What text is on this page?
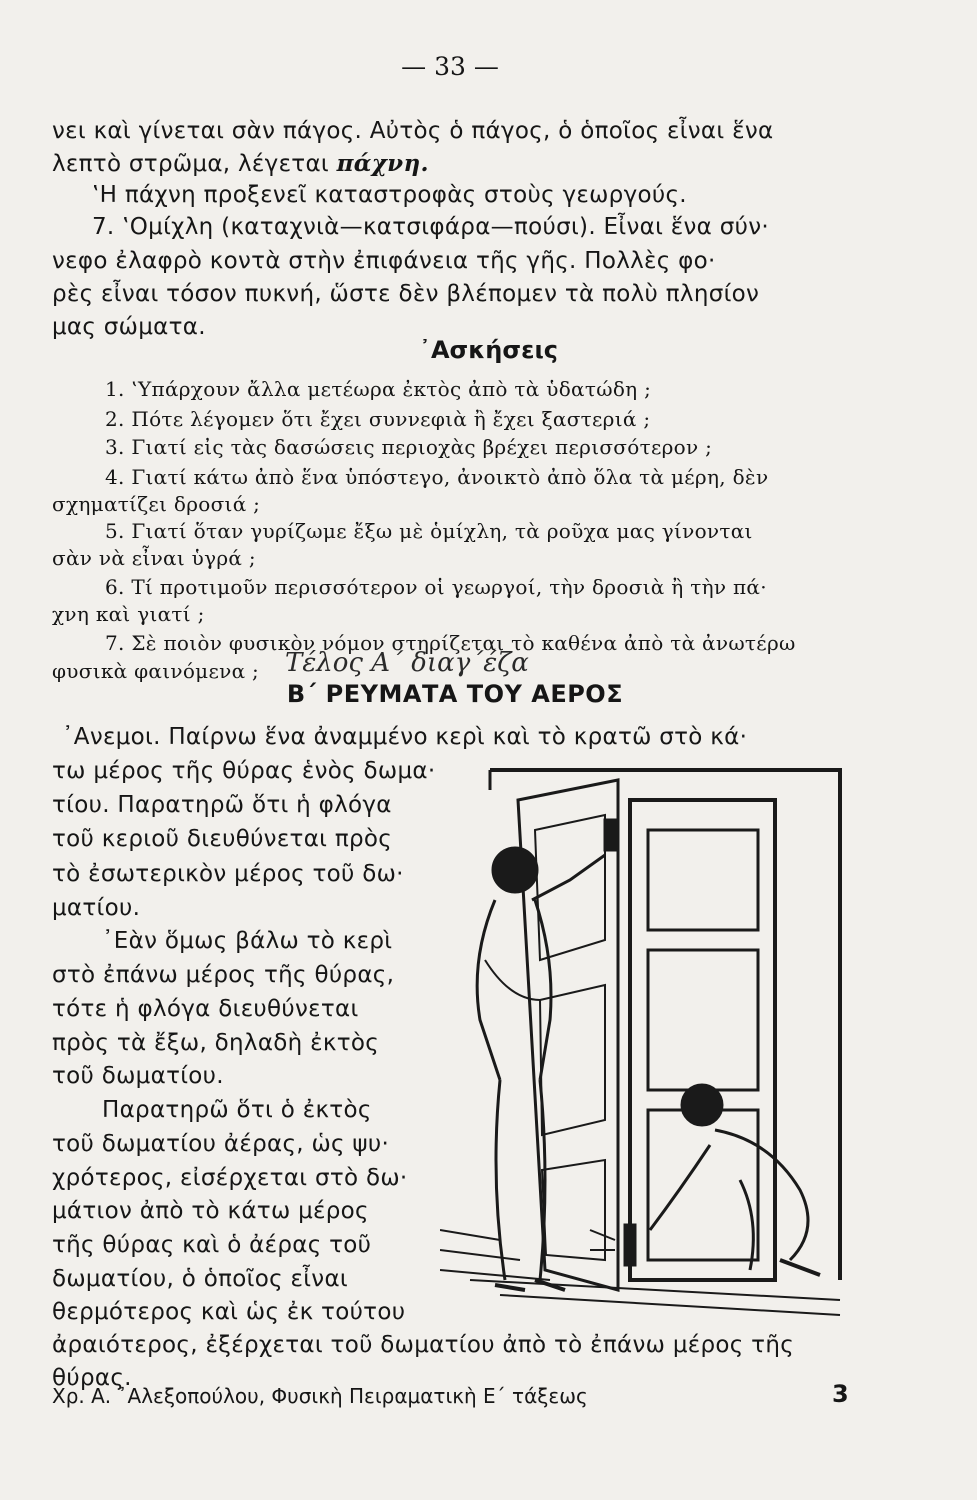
— 33 —
νει καὶ γίνεται σὰν πάγος. Αὐτὸς ὁ πάγος, ὁ ὁποῖος εἶναι ἕνα
λεπτὸ στρῶμα, λέγεται πάχνη.
‛Η πάχνη προξενεῖ καταστροφὰς στοὺς γεωργούς.
7. ‛Ομίχλη (καταχνιὰ—κατσιφάρα—πούσι). Εἶναι ἕνα σύν·
νεφο ἐλαφρὸ κοντὰ στὴν ἐπιφάνεια τῆς γῆς. Πολλὲς φο·
ρὲς εἶναι τόσον πυκνή, ὥστε δὲν βλέπομεν τὰ πολὺ πλησίον
μας σώματα.
᾿Ασκήσεις
1. ‛Υπάρχουν ἄλλα μετέωρα ἐκτὸς ἀπὸ τὰ ὑδατώδη ;
2. Πότε λέγομεν ὅτι ἔχει συννεφιὰ ἢ ἔχει ξαστεριά ;
3. Γιατί εἰς τὰς δασώσεις περιοχὰς βρέχει περισσότερον ;
4. Γιατί κάτω ἀπὸ ἕνα ὑπόστεγο, ἀνοικτὸ ἀπὸ ὅλα τὰ μέρη, δὲν
σχηματίζει δροσιά ;
5. Γιατί ὅταν γυρίζωμε ἔξω μὲ ὁμίχλη, τὰ ροῦχα μας γίνονται
σὰν νὰ εἶναι ὑγρά ;
6. Τί προτιμοῦν περισσότερον οἱ γεωργοί, τὴν δροσιὰ ἢ τὴν πά·
χνη καὶ γιατί ;
7. Σὲ ποιὸν φυσικὸν νόμον στηρίζεται τὸ καθένα ἀπὸ τὰ ἀνωτέρω
φυσικὰ φαινόμενα ; Τέλος Α΄ διαγ΄έζα
Β΄ ΡΕΥΜΑΤΑ ΤΟΥ ΑΕΡΟΣ
᾿Ανεμοι. Παίρνω ἕνα ἀναμμένο κερὶ καὶ τὸ κρατῶ στὸ κά·
τω μέρος τῆς θύρας ἑνὸς δωμα·
τίου. Παρατηρῶ ὅτι ἡ φλόγα
τοῦ κεριοῦ διευθύνεται πρὸς
τὸ ἐσωτερικὸν μέρος τοῦ δω·
ματίου.
᾿Εὰν ὅμως βάλω τὸ κερὶ
στὸ ἐπάνω μέρος τῆς θύρας,
τότε ἡ φλόγα διευθύνεται
πρὸς τὰ ἔξω, δηλαδὴ ἐκτὸς
τοῦ δωματίου.
Παρατηρῶ ὅτι ὁ ἐκτὸς
τοῦ δωματίου ἀέρας, ὡς ψυ·
χρότερος, εἰσέρχεται στὸ δω·
μάτιον ἀπὸ τὸ κάτω μέρος
τῆς θύρας καὶ ὁ ἀέρας τοῦ
δωματίου, ὁ ὁποῖος εἶναι
θερμότερος καὶ ὡς ἐκ τούτου
ἀραιότερος, ἐξέρχεται τοῦ δωματίου ἀπὸ τὸ ἐπάνω μέρος τῆς
θύρας.
Χρ. Α. ᾿Αλεξοπούλου, Φυσικὴ Πειραματικὴ Ε΄ τάξεως	3
